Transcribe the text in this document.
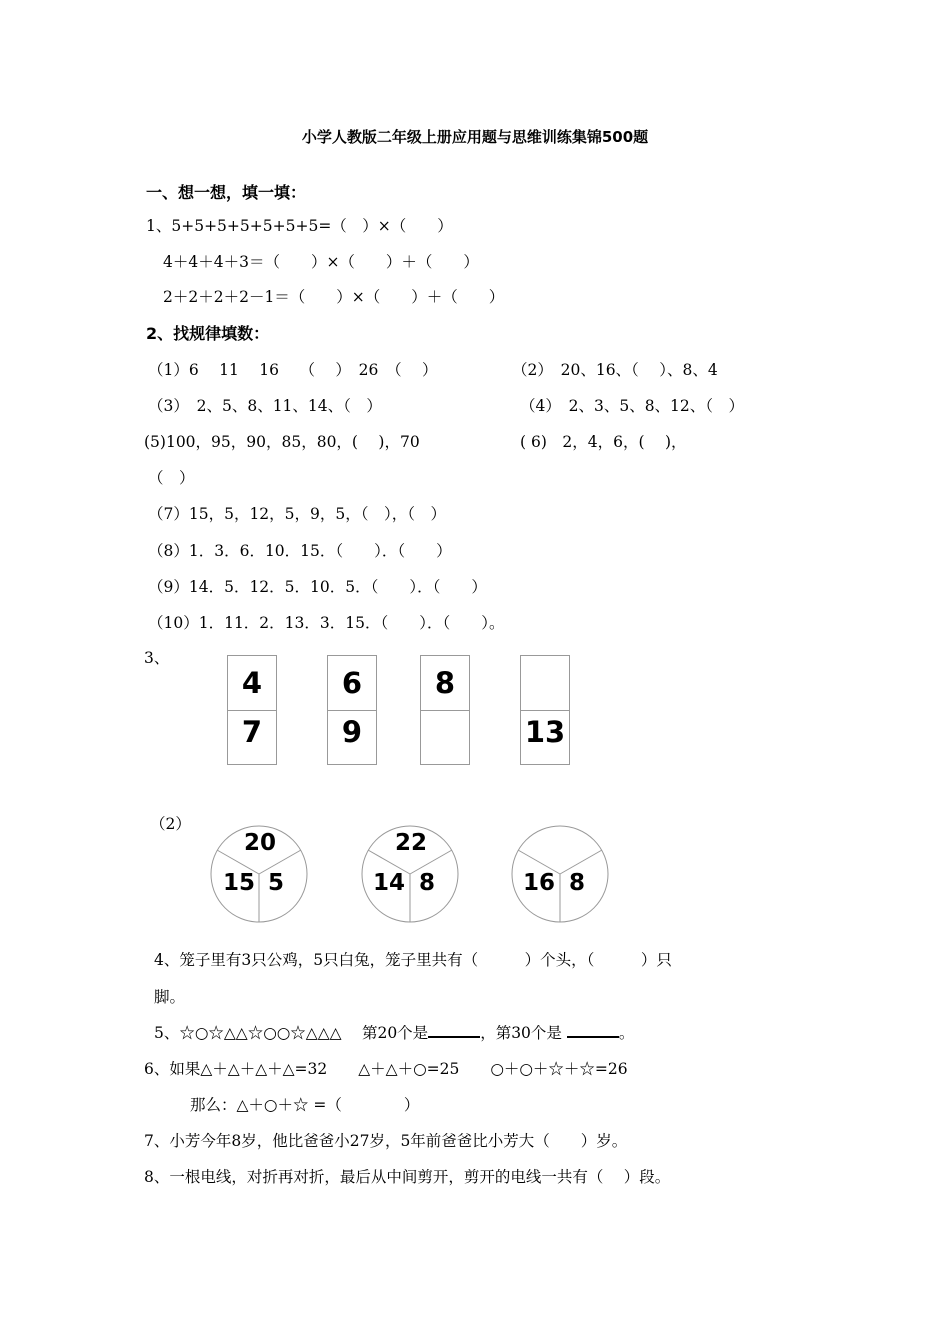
小学人教版二年级上册应用题与思维训练集锦500题
一、想一想，填一填：
1、5+5+5+5+5+5+5=（　）×（　　）
4＋4＋4＋3＝（　　）×（　　）＋（　　）
2＋2＋2＋2－1＝（　　）×（　　）＋（　　）
2、找规律填数：
（1）6　 11　 16　 （　 ）　26　（　 ）	（2）　20、16、（　 ）、8、4
（3）　2、5、8、11、14、（　）	（4）　2、3、5、8、12、（　）
(5)100，95，90，85，80，(　 )，70	( 6)　2，4，6，(　 )，
（　）
（7）15，5，12，5，9，5，（　），（　）
（8）1．3．6．10．15．（　　）．（　　）
（9）14．5．12．5．10．5．（　　）．（　　）
（10）1．11．2．13．3．15．（　　）．（　　）。
3、
4
7
6
9
8
13
（2）
20
15 5
22
14 8	16 8
4、笼子里有3只公鸡，5只白兔，笼子里共有（　　　）个头，（　　　）只
脚。
5、☆○☆△△☆○○☆△△△　 第20个是	，第30个是	。
6、如果△＋△＋△＋△=32　　△＋△＋○=25　　○＋○＋☆＋☆=26
那么：△＋○＋☆ =（　　　　）
7、小芳今年8岁，他比爸爸小27岁，5年前爸爸比小芳大（　　）岁。
8、一根电线，对折再对折，最后从中间剪开，剪开的电线一共有（　 ）段。
